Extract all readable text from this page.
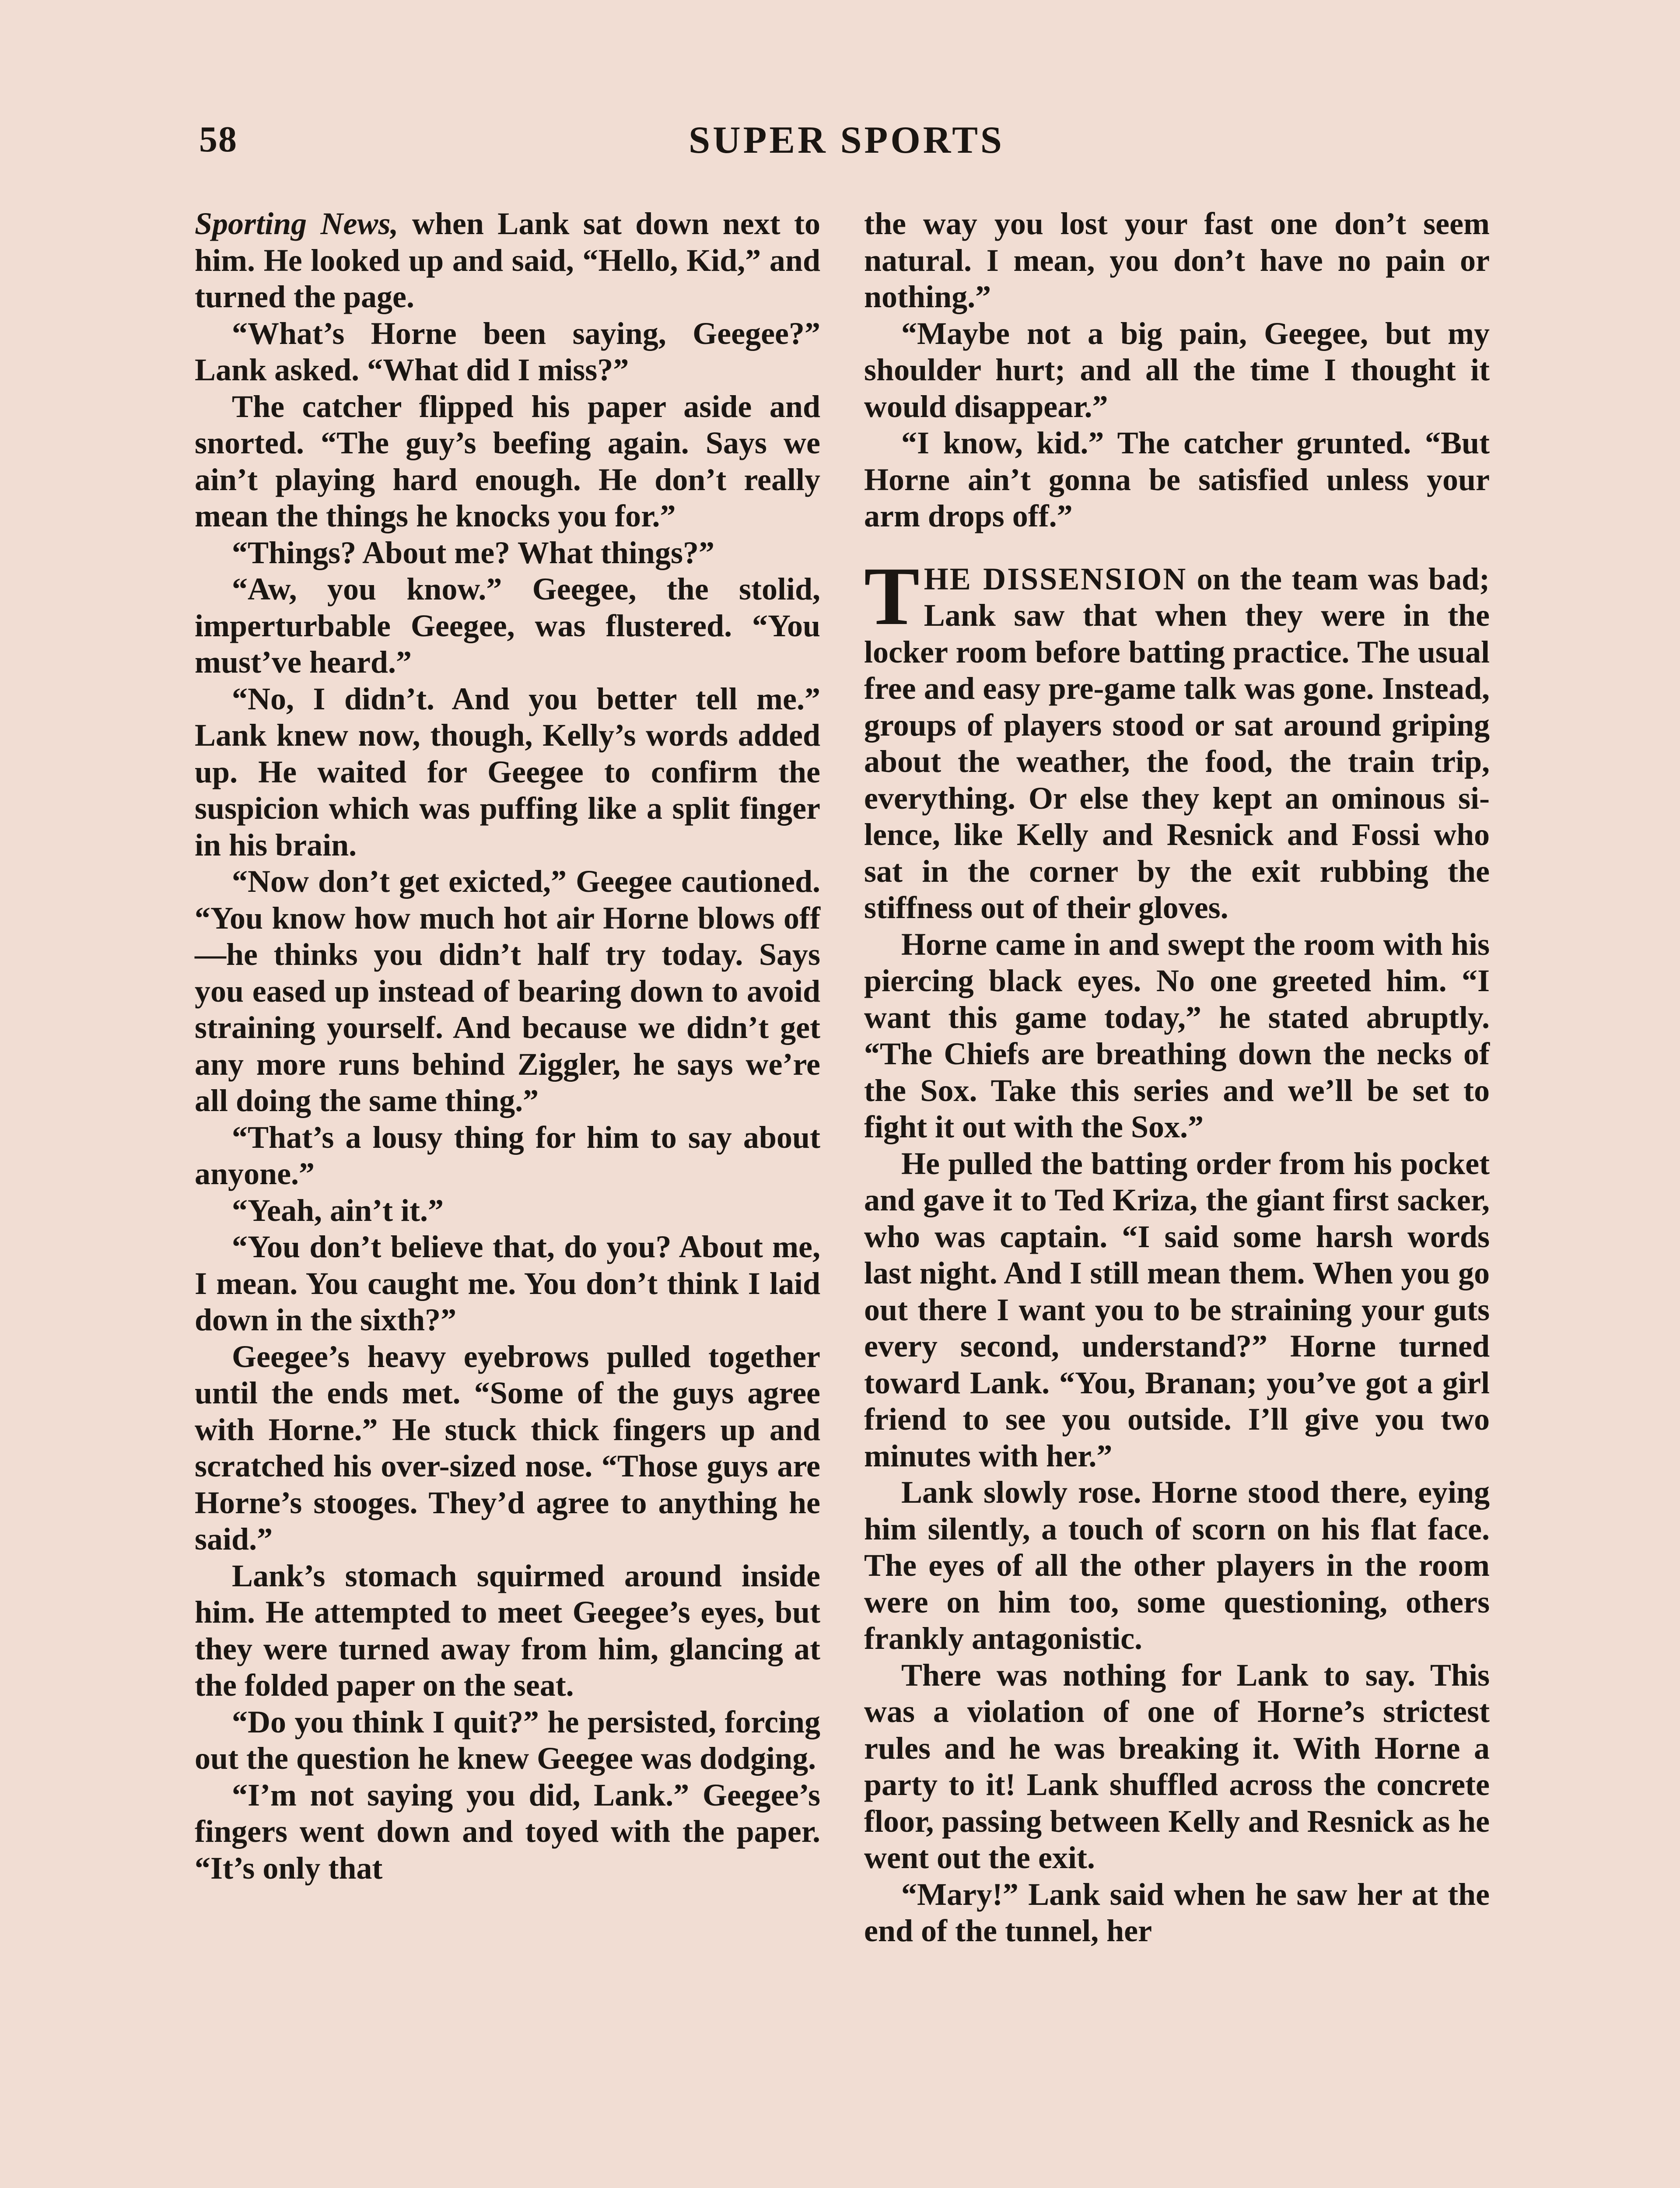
58	SUPER SPORTS

Sporting News, when Lank sat down next to him. He looked up and said, “Hello, Kid,” and turned the page.

“What’s Horne been saying, Geegee?” Lank asked. “What did I miss?”

The catcher flipped his paper aside and snorted. “The guy’s beefing again. Says we ain’t playing hard enough. He don’t really mean the things he knocks you for.”

“Things? About me? What things?”

“Aw, you know.” Geegee, the stolid, imperturbable Geegee, was flustered. “You must’ve heard.”

“No, I didn’t. And you better tell me.” Lank knew now, though, Kelly’s words added up. He waited for Geegee to confirm the suspicion which was puffing like a split finger in his brain.

“Now don’t get exicted,” Geegee cautioned. “You know how much hot air Horne blows off—he thinks you didn’t half try today. Says you eased up instead of bearing down to avoid straining yourself. And because we didn’t get any more runs behind Ziggler, he says we’re all doing the same thing.”

“That’s a lousy thing for him to say about anyone.”

“Yeah, ain’t it.”

“You don’t believe that, do you? About me, I mean. You caught me. You don’t think I laid down in the sixth?”

Geegee’s heavy eyebrows pulled together until the ends met. “Some of the guys agree with Horne.” He stuck thick fingers up and scratched his over-sized nose. “Those guys are Horne’s stooges. They’d agree to anything he said.”

Lank’s stomach squirmed around inside him. He attempted to meet Geegee’s eyes, but they were turned away from him, glancing at the folded paper on the seat.

“Do you think I quit?” he persisted, forcing out the question he knew Geegee was dodging.

“I’m not saying you did, Lank.” Geegee’s fingers went down and toyed with the paper. “It’s only that

the way you lost your fast one don’t seem natural. I mean, you don’t have no pain or nothing.”

“Maybe not a big pain, Geegee, but my shoulder hurt; and all the time I thought it would disappear.”

“I know, kid.” The catcher grunted. “But Horne ain’t gonna be satisfied unless your arm drops off.”

THE DISSENSION on the team was bad; Lank saw that when they were in the locker room before batting practice. The usual free and easy pre-game talk was gone. Instead, groups of players stood or sat around griping about the weather, the food, the train trip, everything. Or else they kept an ominous silence, like Kelly and Resnick and Fossi who sat in the corner by the exit rubbing the stiffness out of their gloves.

Horne came in and swept the room with his piercing black eyes. No one greeted him. “I want this game today,” he stated abruptly. “The Chiefs are breathing down the necks of the Sox. Take this series and we’ll be set to fight it out with the Sox.”

He pulled the batting order from his pocket and gave it to Ted Kriza, the giant first sacker, who was captain. “I said some harsh words last night. And I still mean them. When you go out there I want you to be straining your guts every second, understand?” Horne turned toward Lank. “You, Branan; you’ve got a girl friend to see you outside. I’ll give you two minutes with her.”

Lank slowly rose. Horne stood there, eying him silently, a touch of scorn on his flat face. The eyes of all the other players in the room were on him too, some questioning, others frankly antagonistic.

There was nothing for Lank to say. This was a violation of one of Horne’s strictest rules and he was breaking it. With Horne a party to it! Lank shuffled across the concrete floor, passing between Kelly and Resnick as he went out the exit.

“Mary!” Lank said when he saw her at the end of the tunnel, her
